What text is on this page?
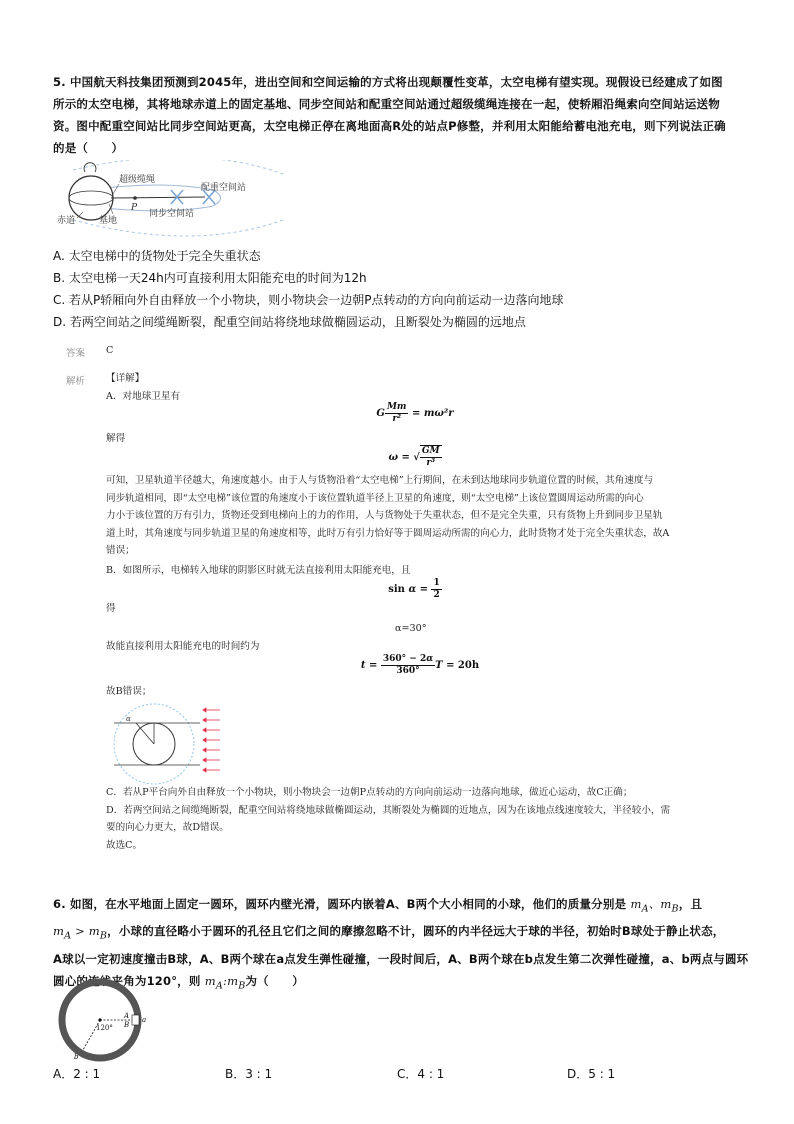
5. 中国航天科技集团预测到2045年，进出空间和空间运输的方式将出现颠覆性变革，太空电梯有望实现。现假设已经建成了如图
所示的太空电梯，其将地球赤道上的固定基地、同步空间站和配重空间站通过超级缆绳连接在一起，使轿厢沿绳索向空间站运送物
资。图中配重空间站比同步空间站更高，太空电梯正停在离地面高R处的站点P修整，并利用太阳能给蓄电池充电，则下列说法正确
的是（　　）
超级缆绳
配重空间站
P
同步空间站
赤道	基地
A. 太空电梯中的货物处于完全失重状态
B. 太空电梯一天24h内可直接利用太阳能充电的时间为12h
C. 若从P轿厢向外自由释放一个小物块，则小物块会一边朝P点转动的方向向前运动一边落向地球
D. 若两空间站之间缆绳断裂，配重空间站将绕地球做椭圆运动，且断裂处为椭圆的远地点
答案 C
解析 【详解】
A．对地球卫星有
G $\frac{Mm}{\text{r²}} = m\omega^2r$
解得
ω = √ $\frac{GM}{\text{r³}}$
可知，卫星轨道半径越大，角速度越小。由于人与货物沿着“太空电梯”上行期间，在未到达地球同步轨道位置的时候，其角速度与
同步轨道相同，即“太空电梯”该位置的角速度小于该位置轨道半径上卫星的角速度，则“太空电梯”上该位置圆周运动所需的向心
力小于该位置的万有引力，货物还受到电梯向上的力的作用，人与货物处于失重状态，但不是完全失重，只有货物上升到同步卫星轨
道上时，其角速度与同步轨道卫星的角速度相等，此时万有引力恰好等于圆周运动所需的向心力，此时货物才处于完全失重状态，故A
错误；
B．如图所示，电梯转入地球的阴影区时就无法直接利用太阳能充电，且
$\sin \alpha = \frac{1}{2}$
得
α=30°
故能直接利用太阳能充电的时间约为
$t = \frac{360^\circ - 2\alpha}{360^\circ}$ T = 20h
故B错误；
α
C．若从P平台向外自由释放一个小物块，则小物块会一边朝P点转动的方向向前运动一边落向地球，做近心运动，故C正确；
D．若两空间站之间缆绳断裂，配重空间站将绕地球做椭圆运动，其断裂处为椭圆的近地点，因为在该地点线速度较大，半径较小，需
要的向心力更大，故D错误。
故选C。
6. 如图，在水平地面上固定一圆环，圆环内壁光滑，圆环内嵌着A、B两个大小相同的小球，他们的质量分别是 $m_A$、$m_B$，且
$m_A > m_B$，小球的直径略小于圆环的孔径且它们之间的摩擦忽略不计，圆环的内半径远大于球的半径，初始时B球处于静止状态，
A球以一定初速度撞击B球，A、B两个球在a点发生弹性碰撞，一段时间后，A、B两个球在b点发生第二次弹性碰撞，a、b两点与圆环
圆心的连线夹角为120°，则 $m_A:m_B$为（　　）
120°
A
B
a
b
A．2 : 1	B．3 : 1	C．4 : 1	D．5 : 1
